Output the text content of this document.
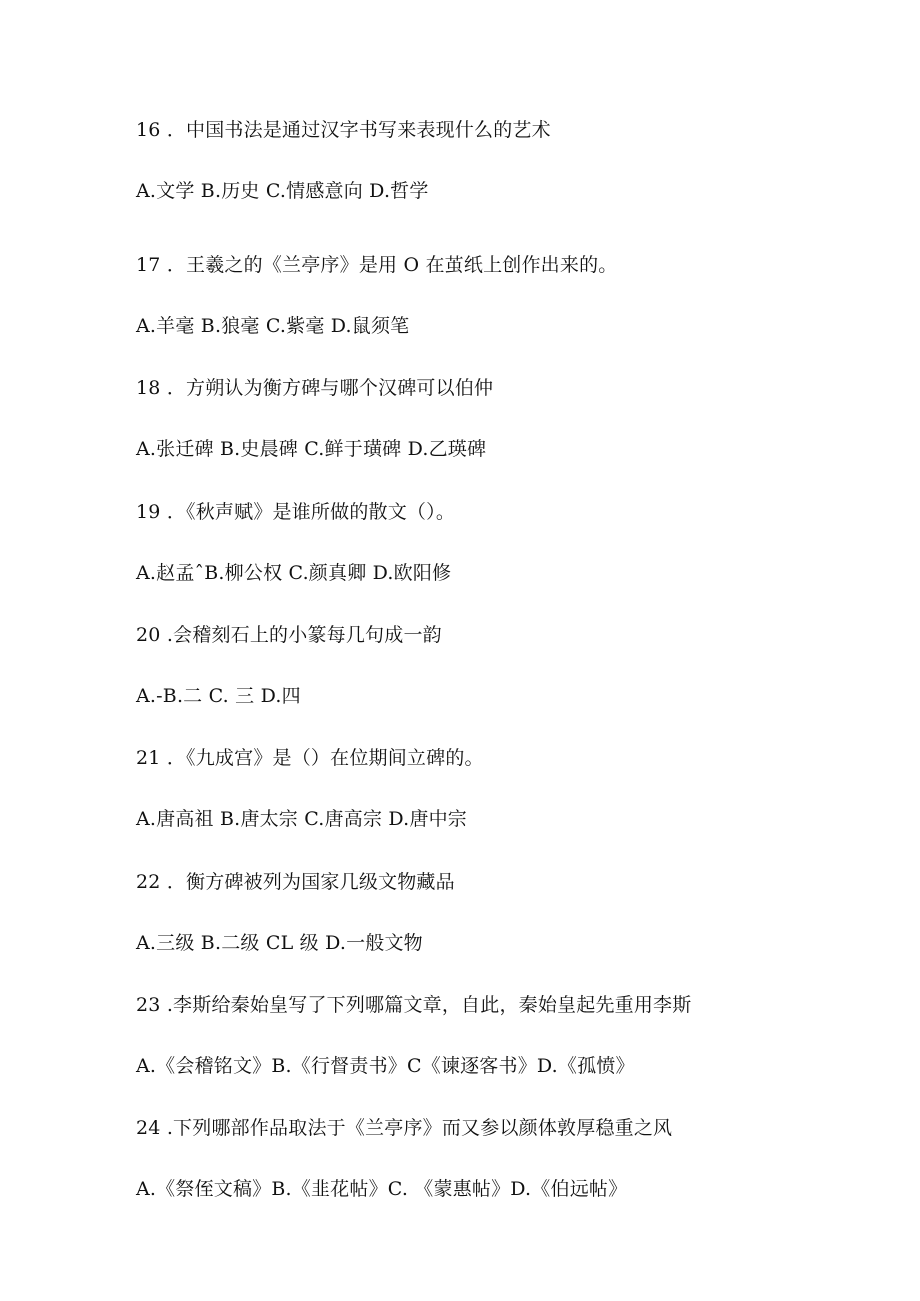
16 ．中国书法是通过汉字书写来表现什么的艺术
A.文学 B.历史 C.情感意向 D.哲学
17 ．王羲之的《兰亭序》是用 O 在茧纸上创作出来的。
A.羊毫 B.狼毫 C.紫毫 D.鼠须笔
18 ．方朔认为衡方碑与哪个汉碑可以伯仲
A.张迁碑 B.史晨碑 C.鲜于璜碑 D.乙瑛碑
19 ．《秋声赋》是谁所做的散文（）。
A.赵孟ˆB.柳公权 C.颜真卿 D.欧阳修
20 .会稽刻石上的小篆每几句成一韵
A.-B.二 C. 三 D.四
21 ．《九成宫》是（）在位期间立碑的。
A.唐高祖 B.唐太宗 C.唐高宗 D.唐中宗
22 ．衡方碑被列为国家几级文物藏品
A.三级 B.二级 CL 级 D.一般文物
23 .李斯给秦始皇写了下列哪篇文章，自此，秦始皇起先重用李斯
A.《会稽铭文》B.《行督责书》C《谏逐客书》D.《孤愤》
24 .下列哪部作品取法于《兰亭序》而又参以颜体敦厚稳重之风
A.《祭侄文稿》B.《韭花帖》C. 《蒙惠帖》D.《伯远帖》
